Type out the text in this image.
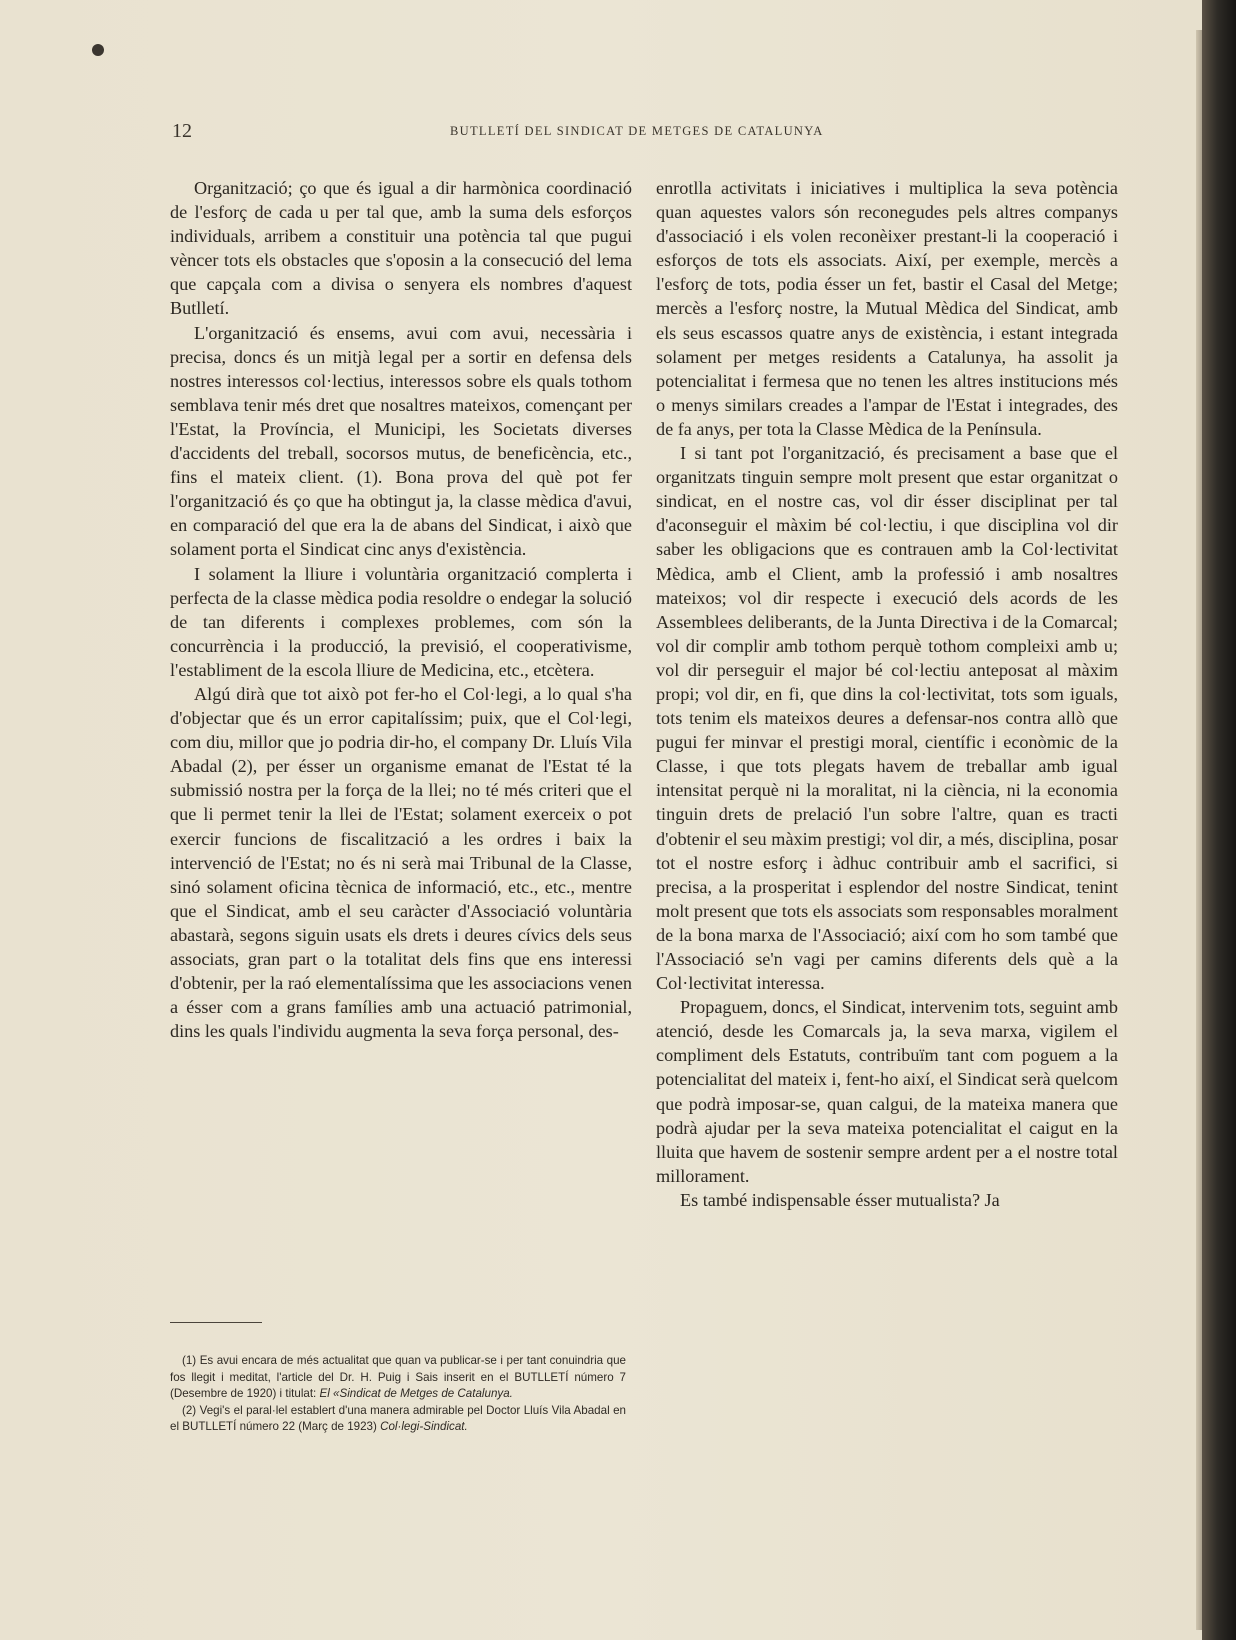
12	BUTLLETÍ DEL SINDICAT DE METGES DE CATALUNYA

Organització; ço que és igual a dir harmònica coordinació de l'esforç de cada u per tal que, amb la suma dels esforços individuals, arribem a constituir una potència tal que pugui vèncer tots els obstacles que s'oposin a la consecució del lema que capçala com a divisa o senyera els nombres d'aquest Butlletí.

L'organització és ensems, avui com avui, necessària i precisa, doncs és un mitjà legal per a sortir en defensa dels nostres interessos col·lectius, interessos sobre els quals tothom semblava tenir més dret que nosaltres mateixos, començant per l'Estat, la Província, el Municipi, les Societats diverses d'accidents del treball, socorsos mutus, de beneficència, etc., fins el mateix client. (1). Bona prova del què pot fer l'organització és ço que ha obtingut ja, la classe mèdica d'avui, en comparació del que era la de abans del Sindicat, i això que solament porta el Sindicat cinc anys d'existència.

I solament la lliure i voluntària organització complerta i perfecta de la classe mèdica podia resoldre o endegar la solució de tan diferents i complexes problemes, com són la concurrència i la producció, la previsió, el cooperativisme, l'establiment de la escola lliure de Medicina, etc., etcètera.

Algú dirà que tot això pot fer-ho el Col·legi, a lo qual s'ha d'objectar que és un error capitalíssim; puix, que el Col·legi, com diu, millor que jo podria dir-ho, el company Dr. Lluís Vila Abadal (2), per ésser un organisme emanat de l'Estat té la submissió nostra per la força de la llei; no té més criteri que el que li permet tenir la llei de l'Estat; solament exerceix o pot exercir funcions de fiscalització a les ordres i baix la intervenció de l'Estat; no és ni serà mai Tribunal de la Classe, sinó solament oficina tècnica de informació, etc., etc., mentre que el Sindicat, amb el seu caràcter d'Associació voluntària abastarà, segons siguin usats els drets i deures cívics dels seus associats, gran part o la totalitat dels fins que ens interessi d'obtenir, per la raó elementalíssima que les associacions venen a ésser com a grans famílies amb una actuació patrimonial, dins les quals l'individu augmenta la seva força personal, des-

enrotlla activitats i iniciatives i multiplica la seva potència quan aquestes valors són reconegudes pels altres companys d'associació i els volen reconèixer prestant-li la cooperació i esforços de tots els associats. Així, per exemple, mercès a l'esforç de tots, podia ésser un fet, bastir el Casal del Metge; mercès a l'esforç nostre, la Mutual Mèdica del Sindicat, amb els seus escassos quatre anys de existència, i estant integrada solament per metges residents a Catalunya, ha assolit ja potencialitat i fermesa que no tenen les altres institucions més o menys similars creades a l'ampar de l'Estat i integrades, des de fa anys, per tota la Classe Mèdica de la Península.

I si tant pot l'organització, és precisament a base que el organitzats tinguin sempre molt present que estar organitzat o sindicat, en el nostre cas, vol dir ésser disciplinat per tal d'aconseguir el màxim bé col·lectiu, i que disciplina vol dir saber les obligacions que es contrauen amb la Col·lectivitat Mèdica, amb el Client, amb la professió i amb nosaltres mateixos; vol dir respecte i execució dels acords de les Assemblees deliberants, de la Junta Directiva i de la Comarcal; vol dir complir amb tothom perquè tothom compleixi amb u; vol dir perseguir el major bé col·lectiu anteposat al màxim propi; vol dir, en fi, que dins la col·lectivitat, tots som iguals, tots tenim els mateixos deures a defensar-nos contra allò que pugui fer minvar el prestigi moral, científic i econòmic de la Classe, i que tots plegats havem de treballar amb igual intensitat perquè ni la moralitat, ni la ciència, ni la economia tinguin drets de prelació l'un sobre l'altre, quan es tracti d'obtenir el seu màxim prestigi; vol dir, a més, disciplina, posar tot el nostre esforç i àdhuc contribuir amb el sacrifici, si precisa, a la prosperitat i esplendor del nostre Sindicat, tenint molt present que tots els associats som responsables moralment de la bona marxa de l'Associació; així com ho som també que l'Associació se'n vagi per camins diferents dels què a la Col·lectivitat interessa.

Propaguem, doncs, el Sindicat, intervenim tots, seguint amb atenció, desde les Comarcals ja, la seva marxa, vigilem el compliment dels Estatuts, contribuïm tant com poguem a la potencialitat del mateix i, fent-ho així, el Sindicat serà quelcom que podrà imposar-se, quan calgui, de la mateixa manera que podrà ajudar per la seva mateixa potencialitat el caigut en la lluita que havem de sostenir sempre ardent per a el nostre total millorament.

Es també indispensable ésser mutualista? Ja

(1) Es avui encara de més actualitat que quan va publicar-se i per tant conuindria que fos llegit i meditat, l'article del Dr. H. Puig i Sais inserit en el BUTLLETÍ número 7 (Desembre de 1920) i titulat: El «Sindicat de Metges de Catalunya.

(2) Vegi's el paral·lel establert d'una manera admirable pel Doctor Lluís Vila Abadal en el BUTLLETÍ número 22 (Març de 1923) Col·legi-Sindicat.
